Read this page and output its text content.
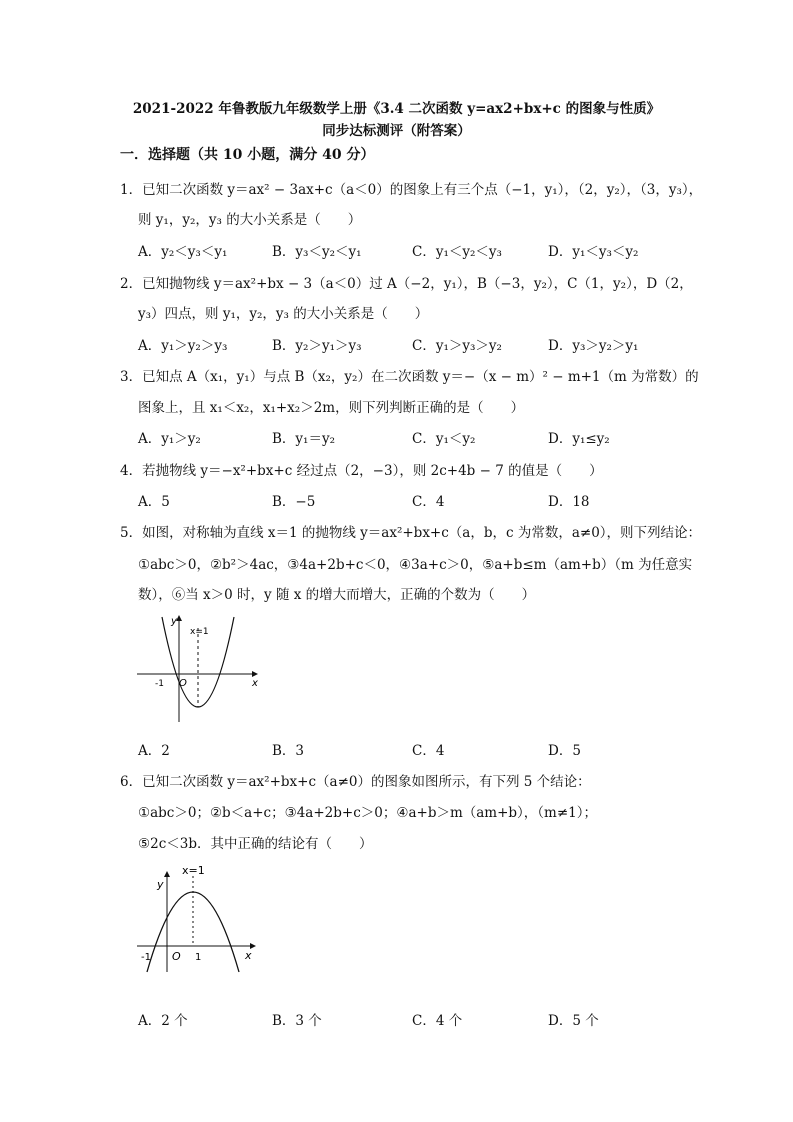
2021-2022 年鲁教版九年级数学上册《3.4 二次函数 y=ax2+bx+c 的图象与性质》
同步达标测评（附答案）
一．选择题（共 10 小题，满分 40 分）
1．已知二次函数 y＝ax² − 3ax+c（a＜0）的图象上有三个点（−1，y₁），（2，y₂），（3，y₃），
则 y₁，y₂，y₃ 的大小关系是（　　）
A．y₂＜y₃＜y₁	B．y₃＜y₂＜y₁	C．y₁＜y₂＜y₃	D．y₁＜y₃＜y₂
2．已知抛物线 y＝ax²+bx − 3（a＜0）过 A（−2，y₁），B（−3，y₂），C（1，y₂），D（2，
y₃）四点，则 y₁，y₂，y₃ 的大小关系是（　　）
A．y₁＞y₂＞y₃	B．y₂＞y₁＞y₃	C．y₁＞y₃＞y₂	D．y₃＞y₂＞y₁
3．已知点 A（x₁，y₁）与点 B（x₂，y₂）在二次函数 y＝−（x − m）² − m+1（m 为常数）的
图象上，且 x₁＜x₂，x₁+x₂＞2m，则下列判断正确的是（　　）
A．y₁＞y₂	B．y₁＝y₂	C．y₁＜y₂	D．y₁≤y₂
4．若抛物线 y＝−x²+bx+c 经过点（2，−3），则 2c+4b − 7 的值是（　　）
A．5	B．−5	C．4	D．18
5．如图，对称轴为直线 x＝1 的抛物线 y＝ax²+bx+c（a，b，c 为常数，a≠0），则下列结论：
①abc＞0，②b²＞4ac，③4a+2b+c＜0，④3a+c＞0，⑤a+b≤m（am+b）（m 为任意实
数），⑥当 x＞0 时，y 随 x 的增大而增大，正确的个数为（　　）
y
x
x=1
-1 O
A．2	B．3	C．4	D．5
6．已知二次函数 y＝ax²+bx+c（a≠0）的图象如图所示，有下列 5 个结论：
①abc＞0；②b＜a+c；③4a+2b+c＞0；④a+b＞m（am+b），（m≠1）；
⑤2c＜3b．其中正确的结论有（　　）
y
x
x=1
-1 O 1
A．2 个	B．3 个	C．4 个	D．5 个
